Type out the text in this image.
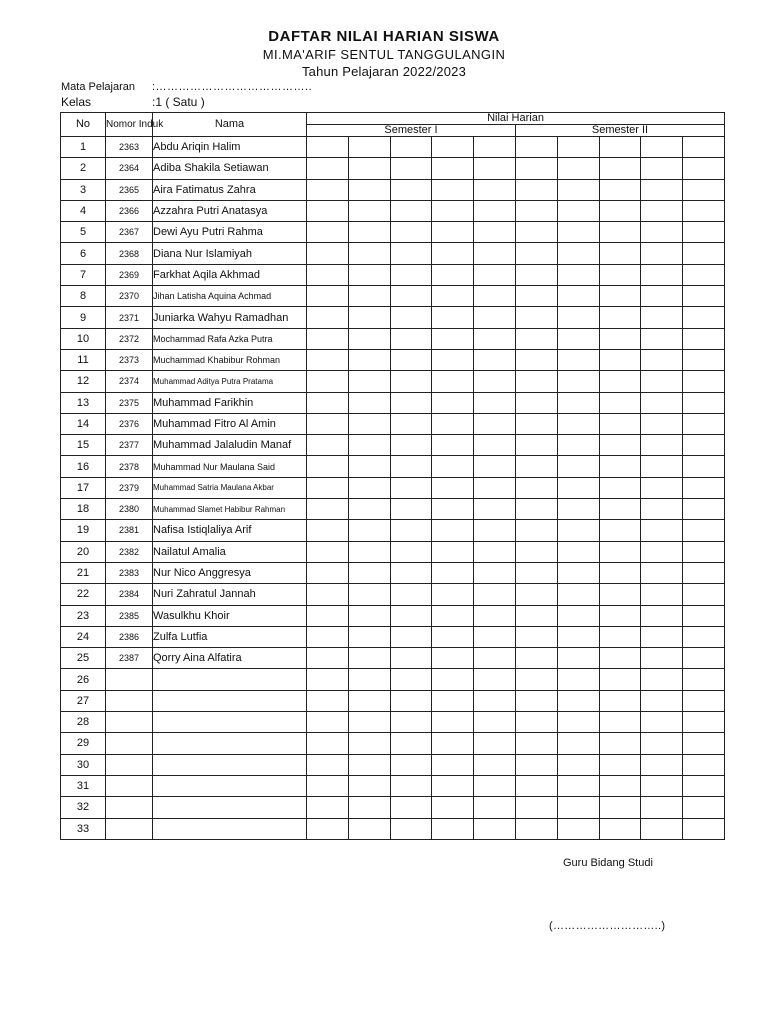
DAFTAR NILAI HARIAN SISWA
MI.MA'ARIF SENTUL TANGGULANGIN
Tahun Pelajaran 2022/2023
Mata Pelajaran :…………………………………..
Kelas	:1 ( Satu )
No	Nomor Induk	Nama	Nilai Harian									
			Semester I					Semester II				
1	2363	Abdu Ariqin Halim										
2	2364	Adiba Shakila Setiawan										
3	2365	Aira Fatimatus Zahra										
4	2366	Azzahra Putri Anatasya										
5	2367	Dewi Ayu Putri Rahma										
6	2368	Diana Nur Islamiyah										
7	2369	Farkhat Aqila Akhmad										
8	2370	Jihan Latisha Aquina Achmad										
9	2371	Juniarka Wahyu Ramadhan										
10	2372	Mochammad Rafa Azka Putra										
11	2373	Muchammad Khabibur Rohman										
12	2374	Muhammad Aditya Putra Pratama										
13	2375	Muhammad Farikhin										
14	2376	Muhammad Fitro Al Amin										
15	2377	Muhammad Jalaludin Manaf										
16	2378	Muhammad Nur Maulana Said										
17	2379	Muhammad Satria Maulana Akbar										
18	2380	Muhammad Slamet Habibur Rahman										
19	2381	Nafisa Istiqlaliya Arif										
20	2382	Nailatul Amalia										
21	2383	Nur Nico Anggresya										
22	2384	Nuri Zahratul Jannah										
23	2385	Wasulkhu Khoir										
24	2386	Zulfa Lutfia										
25	2387	Qorry Aina Alfatira										
26												
27												
28												
29												
30												
31												
32												
33												
Guru Bidang Studi
(………………………..)
